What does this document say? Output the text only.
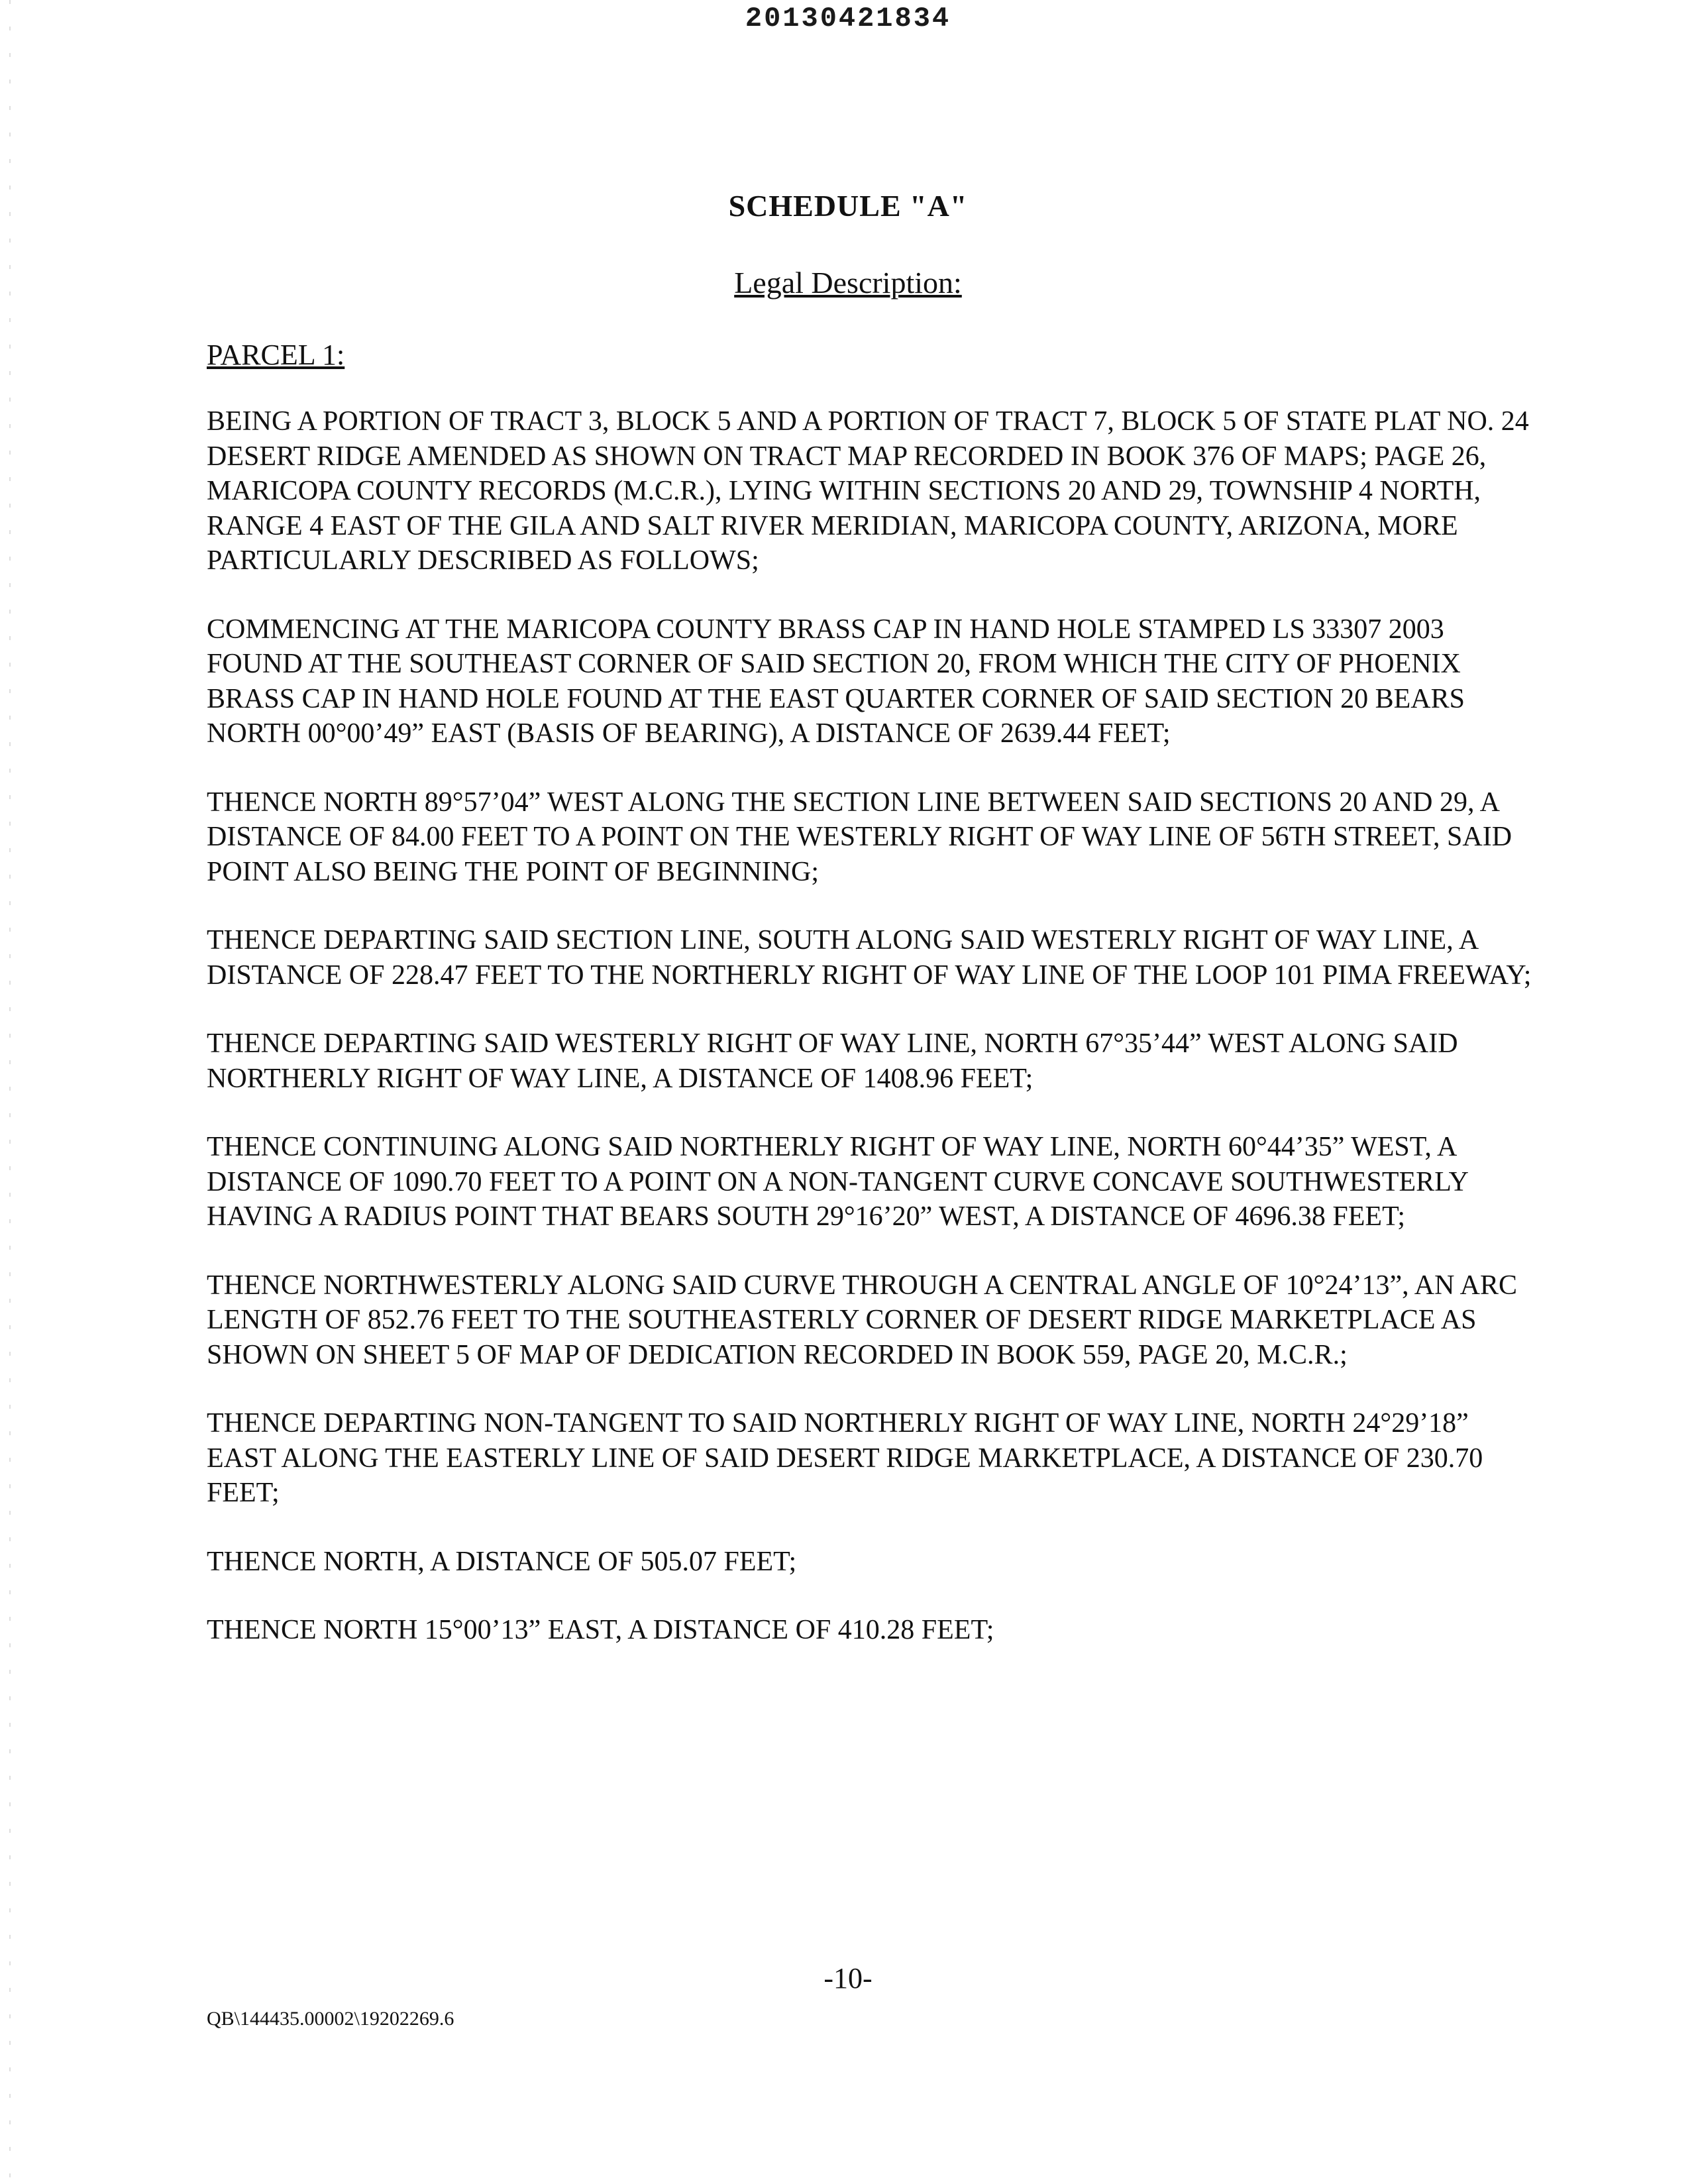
20130421834
SCHEDULE "A"
Legal Description:
PARCEL 1:

BEING A PORTION OF TRACT 3, BLOCK 5 AND A PORTION OF TRACT 7, BLOCK 5 OF STATE PLAT NO. 24 DESERT RIDGE AMENDED AS SHOWN ON TRACT MAP RECORDED IN BOOK 376 OF MAPS; PAGE 26, MARICOPA COUNTY RECORDS (M.C.R.), LYING WITHIN SECTIONS 20 AND 29, TOWNSHIP 4 NORTH, RANGE 4 EAST OF THE GILA AND SALT RIVER MERIDIAN, MARICOPA COUNTY, ARIZONA, MORE PARTICULARLY DESCRIBED AS FOLLOWS;

COMMENCING AT THE MARICOPA COUNTY BRASS CAP IN HAND HOLE STAMPED LS 33307 2003 FOUND AT THE SOUTHEAST CORNER OF SAID SECTION 20, FROM WHICH THE CITY OF PHOENIX BRASS CAP IN HAND HOLE FOUND AT THE EAST QUARTER CORNER OF SAID SECTION 20 BEARS NORTH 00°00’49” EAST (BASIS OF BEARING), A DISTANCE OF 2639.44 FEET;

THENCE NORTH 89°57’04” WEST ALONG THE SECTION LINE BETWEEN SAID SECTIONS 20 AND 29, A DISTANCE OF 84.00 FEET TO A POINT ON THE WESTERLY RIGHT OF WAY LINE OF 56TH STREET, SAID POINT ALSO BEING THE POINT OF BEGINNING;

THENCE DEPARTING SAID SECTION LINE, SOUTH ALONG SAID WESTERLY RIGHT OF WAY LINE, A DISTANCE OF 228.47 FEET TO THE NORTHERLY RIGHT OF WAY LINE OF THE LOOP 101 PIMA FREEWAY;

THENCE DEPARTING SAID WESTERLY RIGHT OF WAY LINE, NORTH 67°35’44” WEST ALONG SAID NORTHERLY RIGHT OF WAY LINE, A DISTANCE OF 1408.96 FEET;

THENCE CONTINUING ALONG SAID NORTHERLY RIGHT OF WAY LINE, NORTH 60°44’35” WEST, A DISTANCE OF 1090.70 FEET TO A POINT ON A NON-TANGENT CURVE CONCAVE SOUTHWESTERLY HAVING A RADIUS POINT THAT BEARS SOUTH 29°16’20” WEST, A DISTANCE OF 4696.38 FEET;

THENCE NORTHWESTERLY ALONG SAID CURVE THROUGH A CENTRAL ANGLE OF 10°24’13”, AN ARC LENGTH OF 852.76 FEET TO THE SOUTHEASTERLY CORNER OF DESERT RIDGE MARKETPLACE AS SHOWN ON SHEET 5 OF MAP OF DEDICATION RECORDED IN BOOK 559, PAGE 20, M.C.R.;

THENCE DEPARTING NON-TANGENT TO SAID NORTHERLY RIGHT OF WAY LINE, NORTH 24°29’18” EAST ALONG THE EASTERLY LINE OF SAID DESERT RIDGE MARKETPLACE, A DISTANCE OF 230.70 FEET;

THENCE NORTH, A DISTANCE OF 505.07 FEET;

THENCE NORTH 15°00’13” EAST, A DISTANCE OF 410.28 FEET;

-10-
QB\144435.00002\19202269.6
